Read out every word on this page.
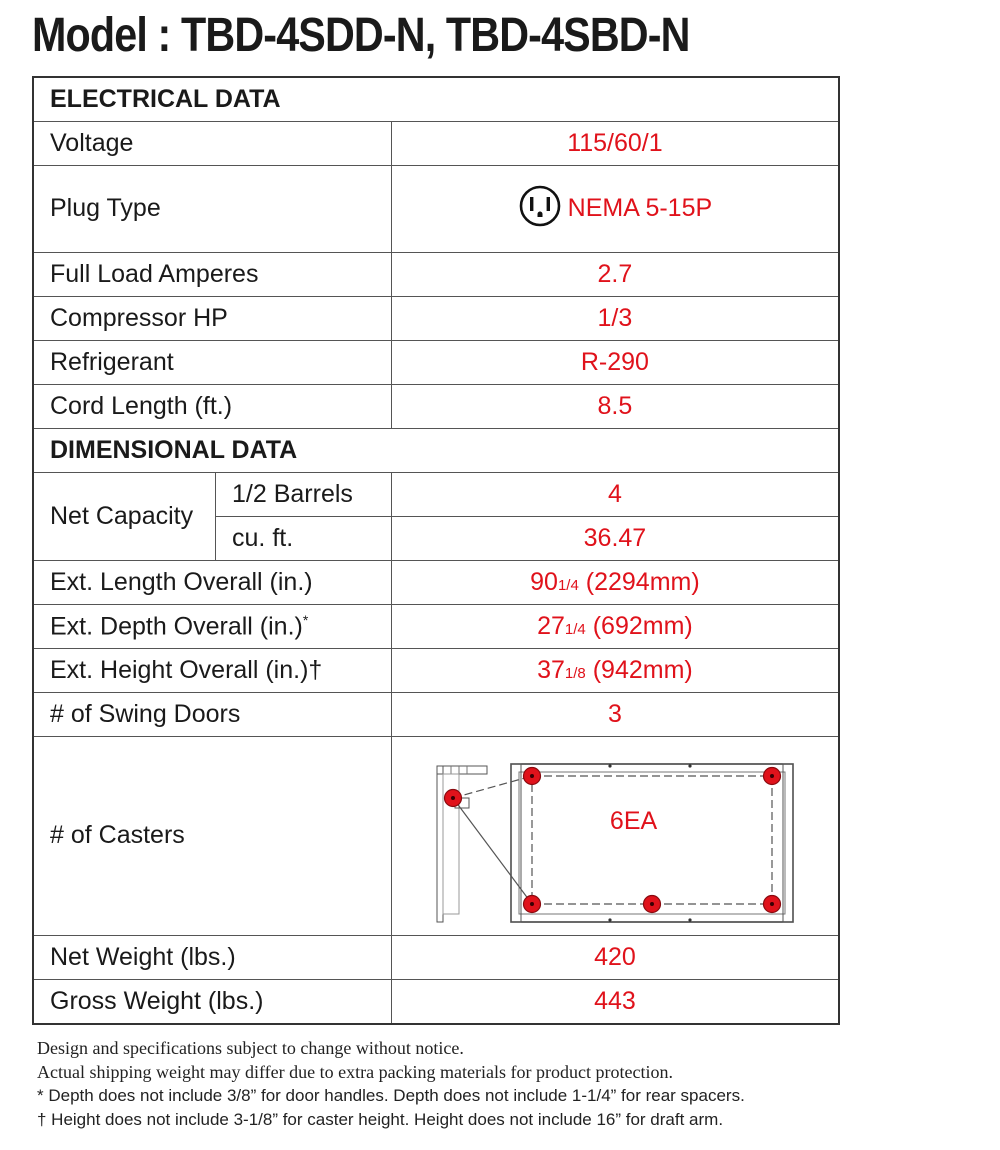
Model : TBD-4SDD-N, TBD-4SBD-N
ELECTRICAL DATA		
Voltage		115/60/1
Plug Type		NEMA 5-15P

Full Load Amperes		2.7
Compressor HP		1/3
Refrigerant		R-290
Cord Length (ft.)		8.5
DIMENSIONAL DATA		
Net Capacity	1/2 Barrels	4
	cu. ft.	36.47
Ext. Length Overall (in.)		901/4 (2294mm)
Ext. Depth Overall (in.)*		271/4 (692mm)
Ext. Height Overall (in.)†		371/8 (942mm)
# of Swing Doors		3
# of Casters		6EA

Net Weight (lbs.)		420
Gross Weight (lbs.)		443
Design and specifications subject to change without notice.
Actual shipping weight may differ due to extra packing materials for product protection.
* Depth does not include 3/8” for door handles. Depth does not include 1-1/4” for rear spacers.
† Height does not include 3-1/8” for caster height. Height does not include 16” for draft arm.
